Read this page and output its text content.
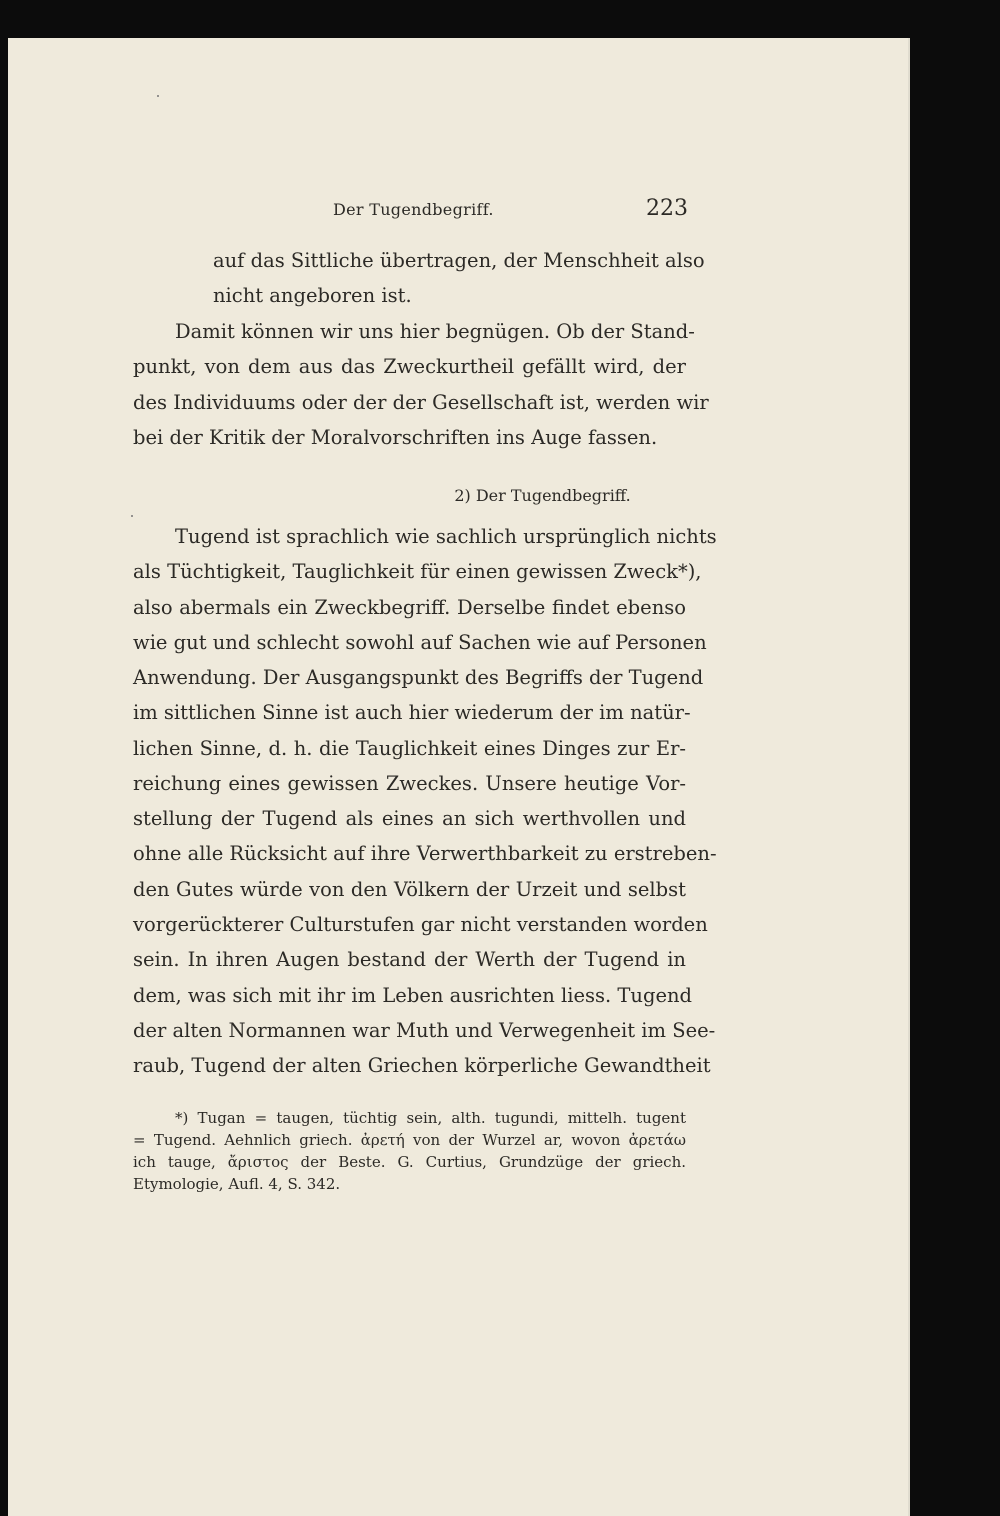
Der Tugendbegriff.	223
auf das Sittliche übertragen, der Menschheit also
nicht angeboren ist.
Damit können wir uns hier begnügen. Ob der Stand-
punkt, von dem aus das Zweckurtheil gefällt wird, der
des Individuums oder der der Gesellschaft ist, werden wir
bei der Kritik der Moralvorschriften ins Auge fassen.
2) Der Tugendbegriff.
Tugend ist sprachlich wie sachlich ursprünglich nichts
als Tüchtigkeit, Tauglichkeit für einen gewissen Zweck*),
also abermals ein Zweckbegriff. Derselbe findet ebenso
wie gut und schlecht sowohl auf Sachen wie auf Personen
Anwendung. Der Ausgangspunkt des Begriffs der Tugend
im sittlichen Sinne ist auch hier wiederum der im natür-
lichen Sinne, d. h. die Tauglichkeit eines Dinges zur Er-
reichung eines gewissen Zweckes. Unsere heutige Vor-
stellung der Tugend als eines an sich werthvollen und
ohne alle Rücksicht auf ihre Verwerthbarkeit zu erstreben-
den Gutes würde von den Völkern der Urzeit und selbst
vorgerückterer Culturstufen gar nicht verstanden worden
sein. In ihren Augen bestand der Werth der Tugend in
dem, was sich mit ihr im Leben ausrichten liess. Tugend
der alten Normannen war Muth und Verwegenheit im See-
raub, Tugend der alten Griechen körperliche Gewandtheit
*) Tugan = taugen, tüchtig sein, alth. tugundi, mittelh. tugent
= Tugend. Aehnlich griech. ἀρετή von der Wurzel ar, wovon ἀρετάω
ich tauge, ἄριστος der Beste. G. Curtius, Grundzüge der griech.
Etymologie, Aufl. 4, S. 342.
